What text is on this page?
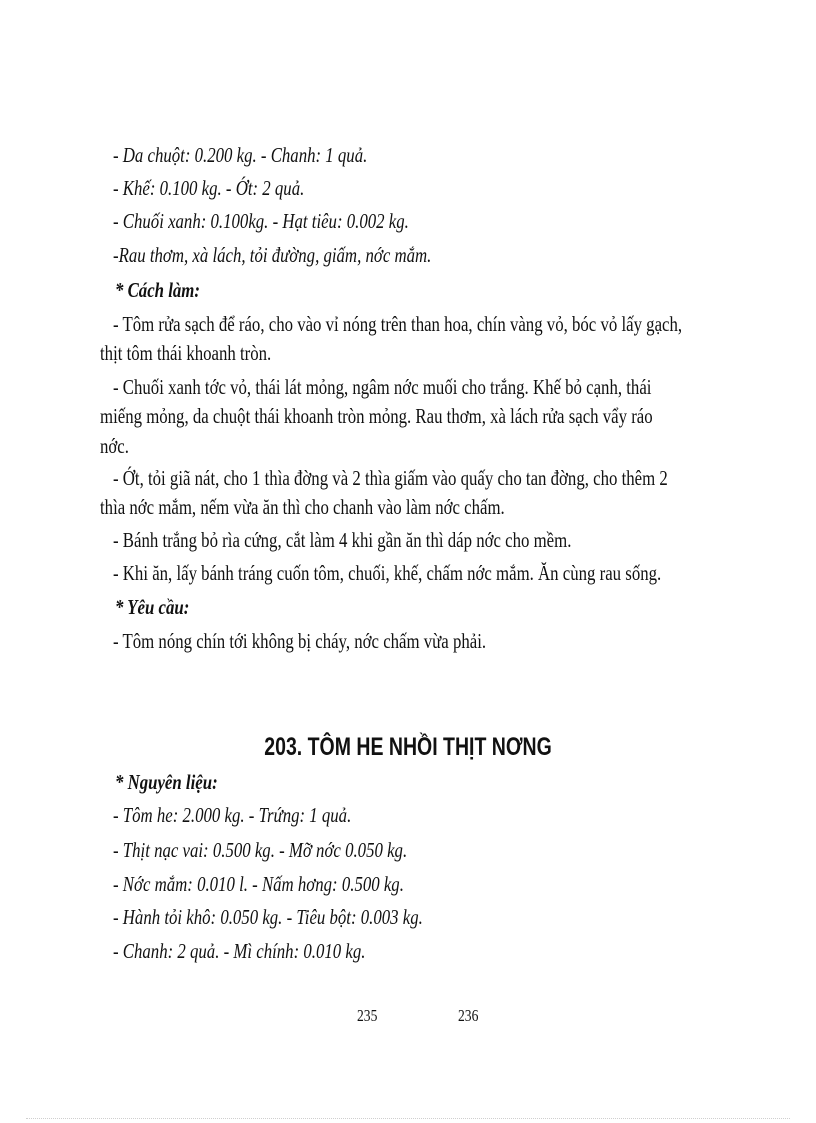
- Da chuột: 0.200 kg. - Chanh: 1 quả.
- Khế: 0.100 kg. - Ớt: 2 quả.
- Chuối xanh: 0.100kg. - Hạt tiêu: 0.002 kg.
-Rau thơm, xà lách, tỏi đường, giấm, nớc mắm.
* Cách làm:
- Tôm rửa sạch để ráo, cho vào vỉ nóng trên than hoa, chín vàng vỏ, bóc vỏ lấy gạch,
thịt tôm thái khoanh tròn.
- Chuối xanh tớc vỏ, thái lát mỏng, ngâm nớc muối cho trắng. Khế bỏ cạnh, thái
miếng mỏng, da chuột thái khoanh tròn mỏng. Rau thơm, xà lách rửa sạch vẩy ráo
nớc.
- Ớt, tỏi giã nát, cho 1 thìa đờng và 2 thìa giấm vào quấy cho tan đờng, cho thêm 2
thìa nớc mắm, nếm vừa ăn thì cho chanh vào làm nớc chấm.
- Bánh trắng bỏ rìa cứng, cắt làm 4 khi gần ăn thì dáp nớc cho mềm.
- Khi ăn, lấy bánh tráng cuốn tôm, chuối, khế, chấm nớc mắm. Ăn cùng rau sống.
* Yêu cầu:
- Tôm nóng chín tới không bị cháy, nớc chấm vừa phải.
203. TÔM HE NHỒI THỊT NƠNG
* Nguyên liệu:
- Tôm he: 2.000 kg. - Trứng: 1 quả.
- Thịt nạc vai: 0.500 kg. - Mỡ nớc 0.050 kg.
- Nớc mắm: 0.010 l. - Nấm hơng: 0.500 kg.
- Hành tỏi khô: 0.050 kg. - Tiêu bột: 0.003 kg.
- Chanh: 2 quả. - Mì chính: 0.010 kg.
235	236
